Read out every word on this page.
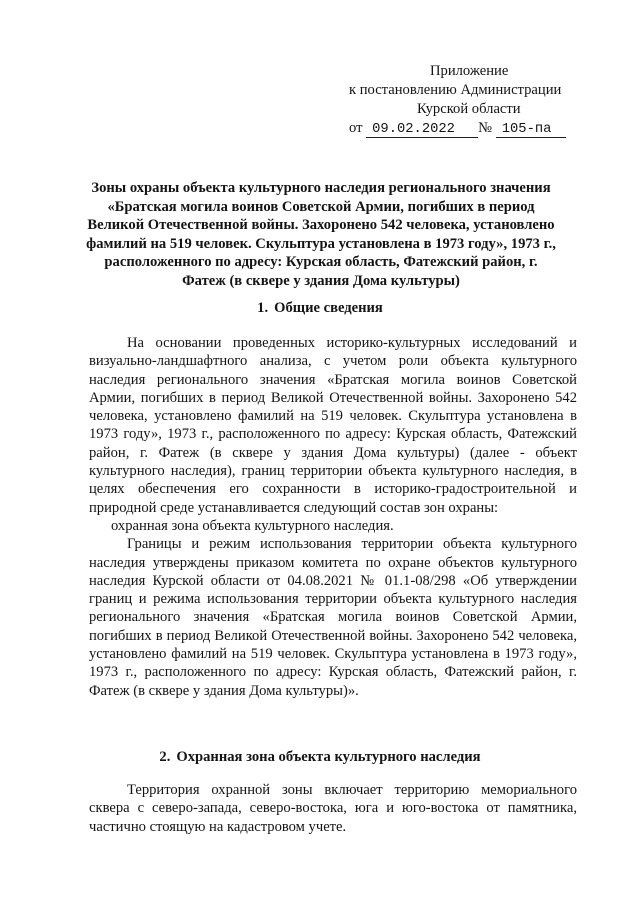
Приложение
к постановлению Администрации
Курской области
от 09.02.2022 № 105-па
Зоны охраны объекта культурного наследия регионального значения «Братская могила воинов Советской Армии, погибших в период Великой Отечественной войны. Захоронено 542 человека, установлено фамилий на 519 человек. Скульптура установлена в 1973 году», 1973 г., расположенного по адресу: Курская область, Фатежский район, г. Фатеж (в сквере у здания Дома культуры)
1. Общие сведения

На основании проведенных историко-культурных исследований и визуально-ландшафтного анализа, с учетом роли объекта культурного наследия регионального значения «Братская могила воинов Советской Армии, погибших в период Великой Отечественной войны. Захоронено 542 человека, установлено фамилий на 519 человек. Скульптура установлена в 1973 году», 1973 г., расположенного по адресу: Курская область, Фатежский район, г. Фатеж (в сквере у здания Дома культуры) (далее - объект культурного наследия), границ территории объекта культурного наследия, в целях обеспечения его сохранности в историко-градостроительной и природной среде устанавливается следующий состав зон охраны:

охранная зона объекта культурного наследия.

Границы и режим использования территории объекта культурного наследия утверждены приказом комитета по охране объектов культурного наследия Курской области от 04.08.2021 № 01.1-08/298 «Об утверждении границ и режима использования территории объекта культурного наследия регионального значения «Братская могила воинов Советской Армии, погибших в период Великой Отечественной войны. Захоронено 542 человека, установлено фамилий на 519 человек. Скульптура установлена в 1973 году», 1973 г., расположенного по адресу: Курская область, Фатежский район, г. Фатеж (в сквере у здания Дома культуры)».

2. Охранная зона объекта культурного наследия

Территория охранной зоны включает территорию мемориального сквера с северо-запада, северо-востока, юга и юго-востока от памятника, частично стоящую на кадастровом учете.
